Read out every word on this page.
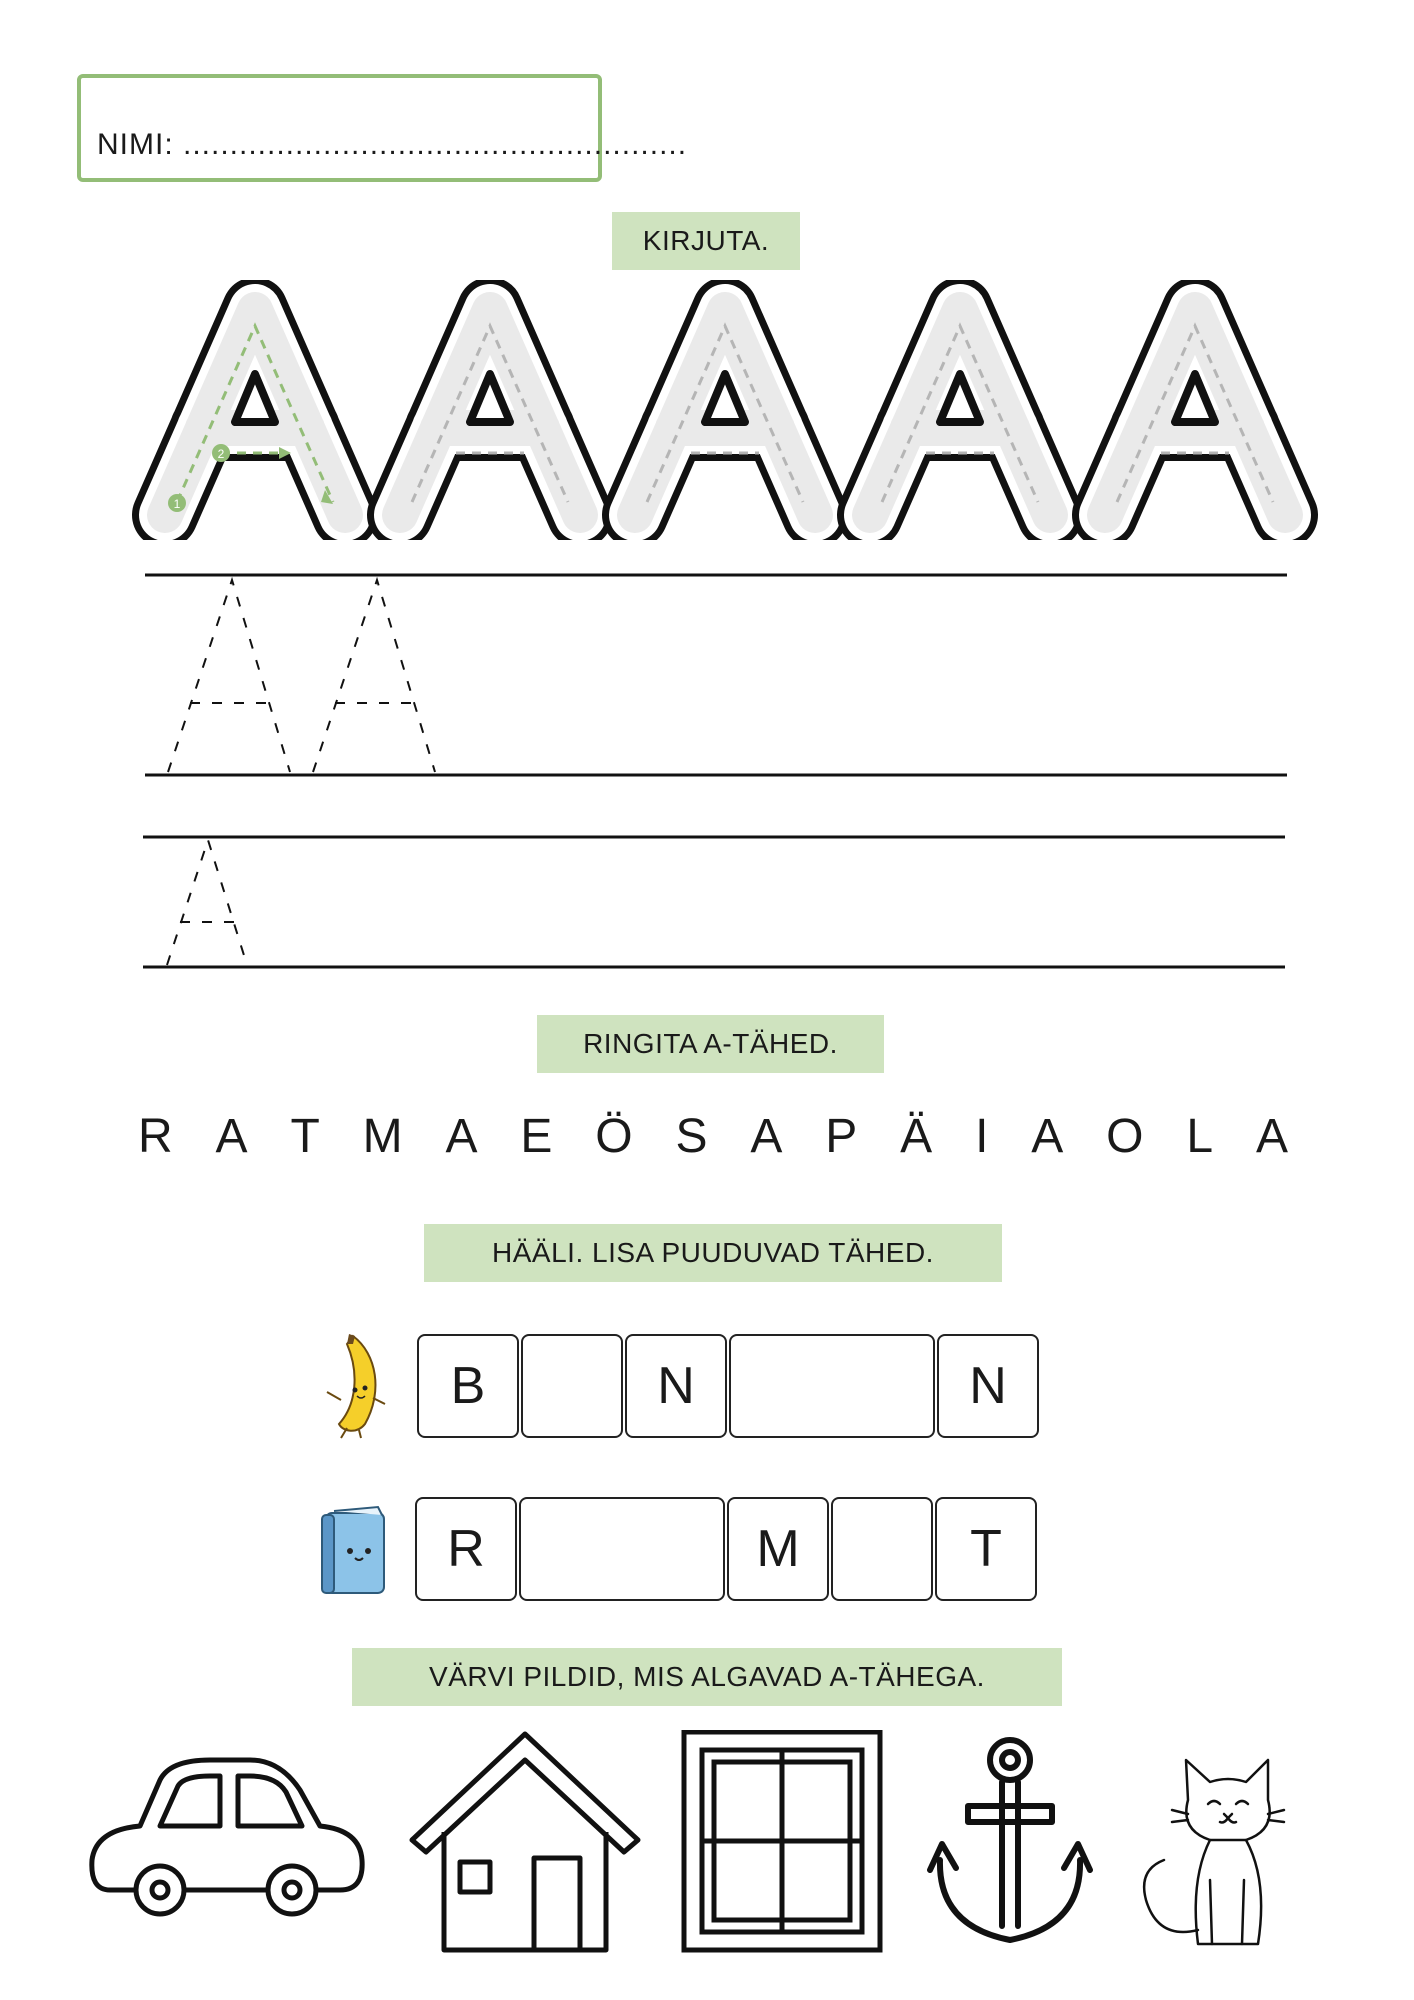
NIMI: ......................................................
KIRJUTA.
1
2
RINGITA A-TÄHED.
R A T M A E Ö S A P Ä I A O L A
HÄÄLI. LISA PUUDUVAD TÄHED.
B	N	N
R	M	T
VÄRVI PILDID, MIS ALGAVAD A-TÄHEGA.
